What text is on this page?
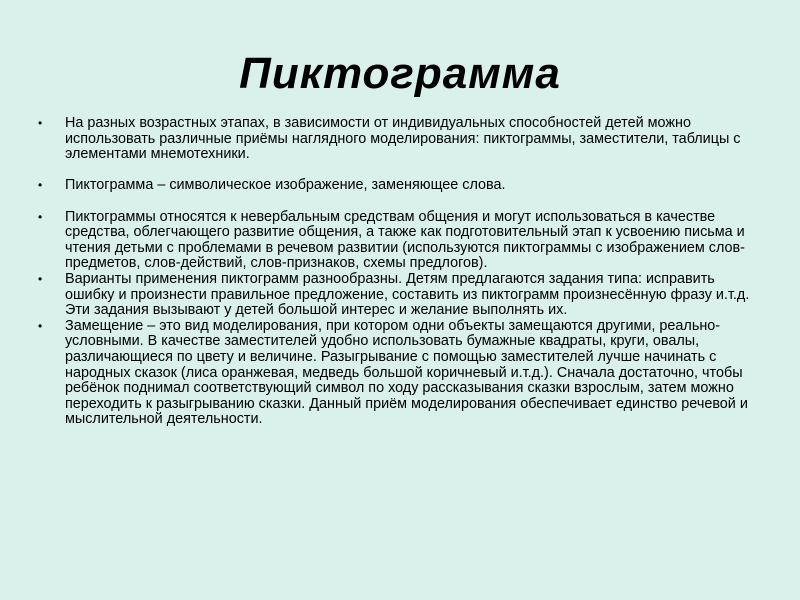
Пиктограмма
• На разных возрастных этапах, в зависимости от индивидуальных способностей детей можно использовать различные приёмы наглядного моделирования: пиктограммы, заместители, таблицы с элементами мнемотехники.
• Пиктограмма – символическое изображение, заменяющее слова.
• Пиктограммы относятся к невербальным средствам общения и могут использоваться в качестве средства, облегчающего развитие общения, а также как подготовительный этап к усвоению письма и чтения детьми с проблемами в речевом развитии (используются пиктограммы с изображением слов-предметов, слов-действий, слов-признаков, схемы предлогов).
• Варианты применения пиктограмм разнообразны. Детям предлагаются задания типа: исправить ошибку и произнести правильное предложение, составить из пиктограмм произнесённую фразу и.т.д. Эти задания вызывают у детей большой интерес и желание выполнять их.
• Замещение – это вид моделирования, при котором одни объекты замещаются другими, реально-условными. В качестве заместителей удобно использовать бумажные квадраты, круги, овалы, различающиеся по цвету и величине. Разыгрывание с помощью заместителей лучше начинать с народных сказок (лиса оранжевая, медведь большой коричневый и.т.д.). Сначала достаточно, чтобы ребёнок поднимал соответствующий символ по ходу рассказывания сказки взрослым, затем можно переходить к разыгрыванию сказки. Данный приём моделирования обеспечивает единство речевой и мыслительной деятельности.
